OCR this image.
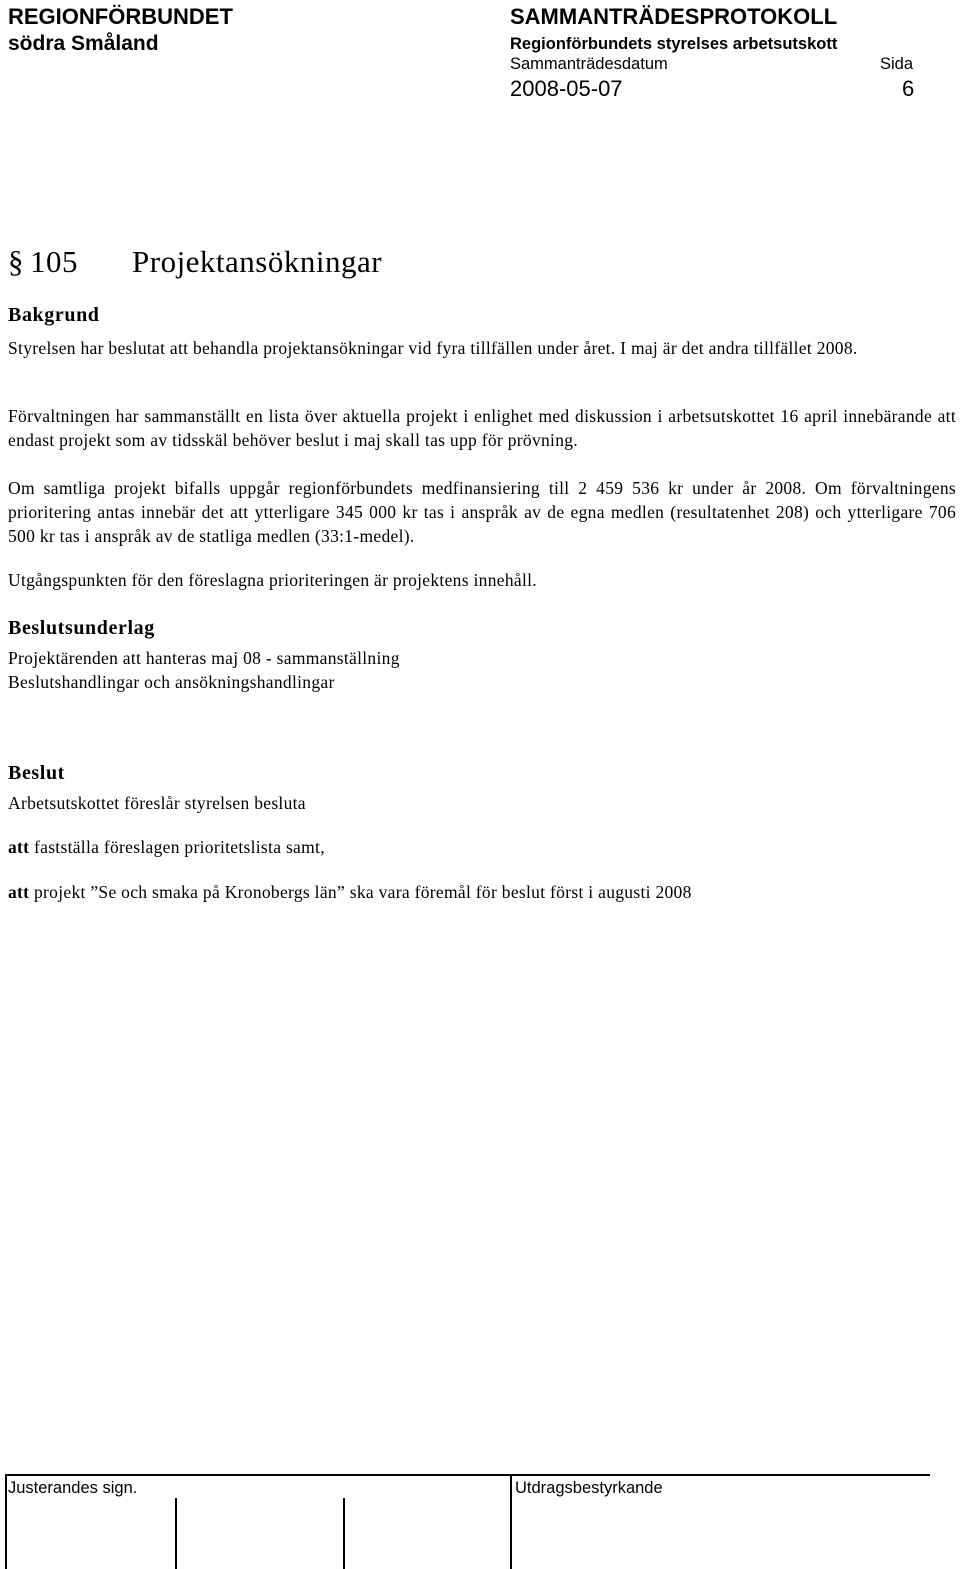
REGIONFÖRBUNDET
södra Småland
SAMMANTRÄDESPROTOKOLL
Regionförbundets styrelses arbetsutskott
Sammanträdesdatum	Sida
2008-05-07	6
§ 105 Projektansökningar
Bakgrund
Styrelsen har beslutat att behandla projektansökningar vid fyra tillfällen under året. I maj är det andra tillfället 2008.
Förvaltningen har sammanställt en lista över aktuella projekt i enlighet med diskussion i arbetsutskottet 16 april innebärande att endast projekt som av tidsskäl behöver beslut i maj skall tas upp för prövning.
Om samtliga projekt bifalls uppgår regionförbundets medfinansiering till 2 459 536 kr under år 2008. Om förvaltningens prioritering antas innebär det att ytterligare 345 000 kr tas i anspråk av de egna medlen (resultatenhet 208) och ytterligare 706 500 kr tas i anspråk av de statliga medlen (33:1-medel).
Utgångspunkten för den föreslagna prioriteringen är projektens innehåll.
Beslutsunderlag
Projektärenden att hanteras maj 08 - sammanställning
Beslutshandlingar och ansökningshandlingar
Beslut
Arbetsutskottet föreslår styrelsen besluta
att fastställa föreslagen prioritetslista samt,
att projekt ”Se och smaka på Kronobergs län” ska vara föremål för beslut först i augusti 2008
Justerandes sign.	Utdragsbestyrkande
